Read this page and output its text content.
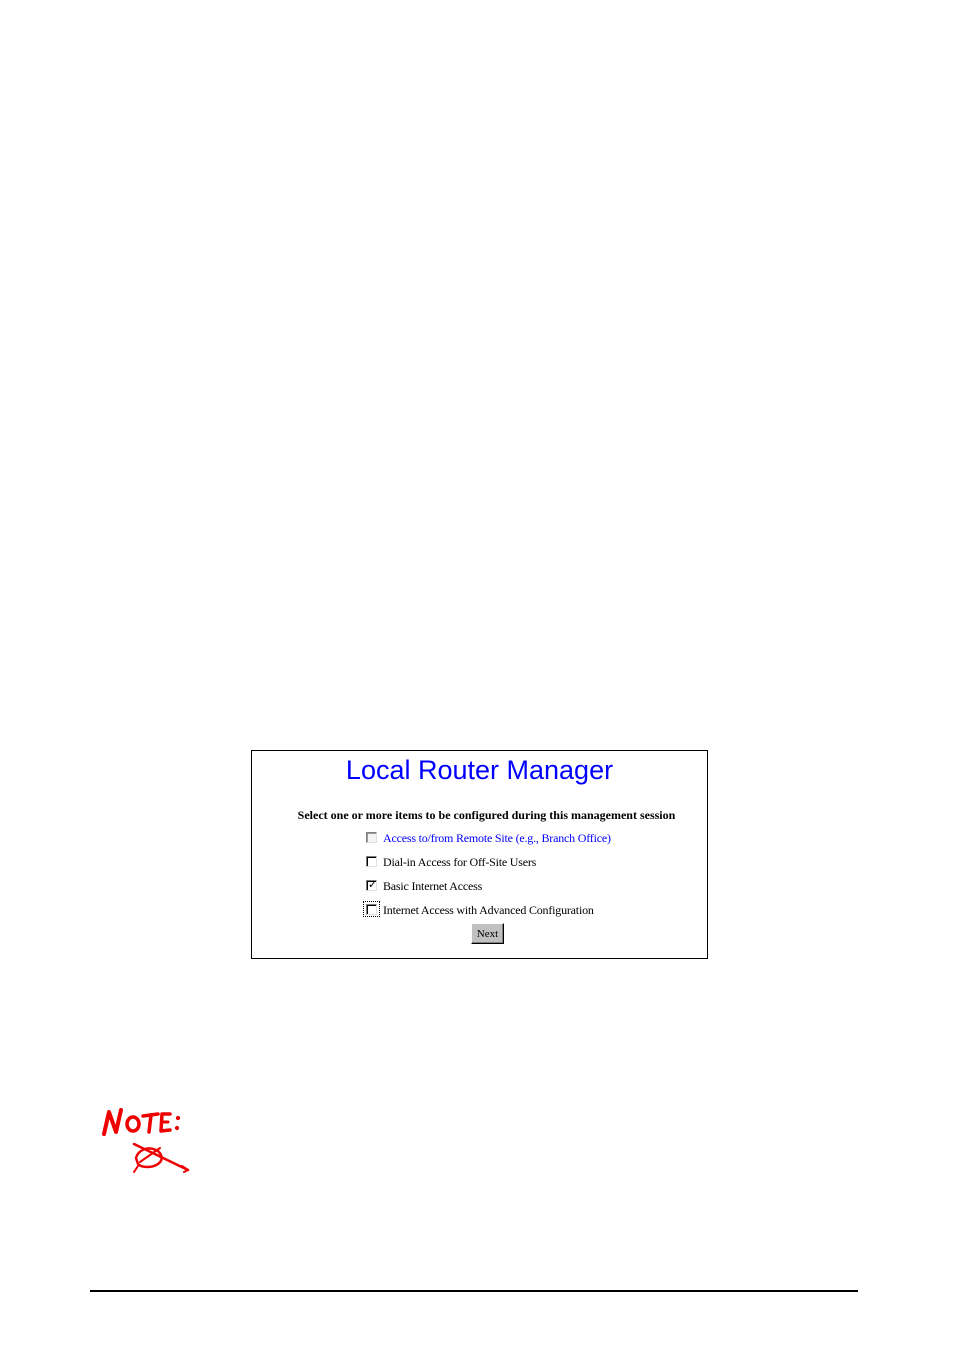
Local Router Manager
Select one or more items to be configured during this management session
Access to/from Remote Site (e.g., Branch Office)
Dial-in Access for Off-Site Users
✓ Basic Internet Access
Internet Access with Advanced Configuration
Next
